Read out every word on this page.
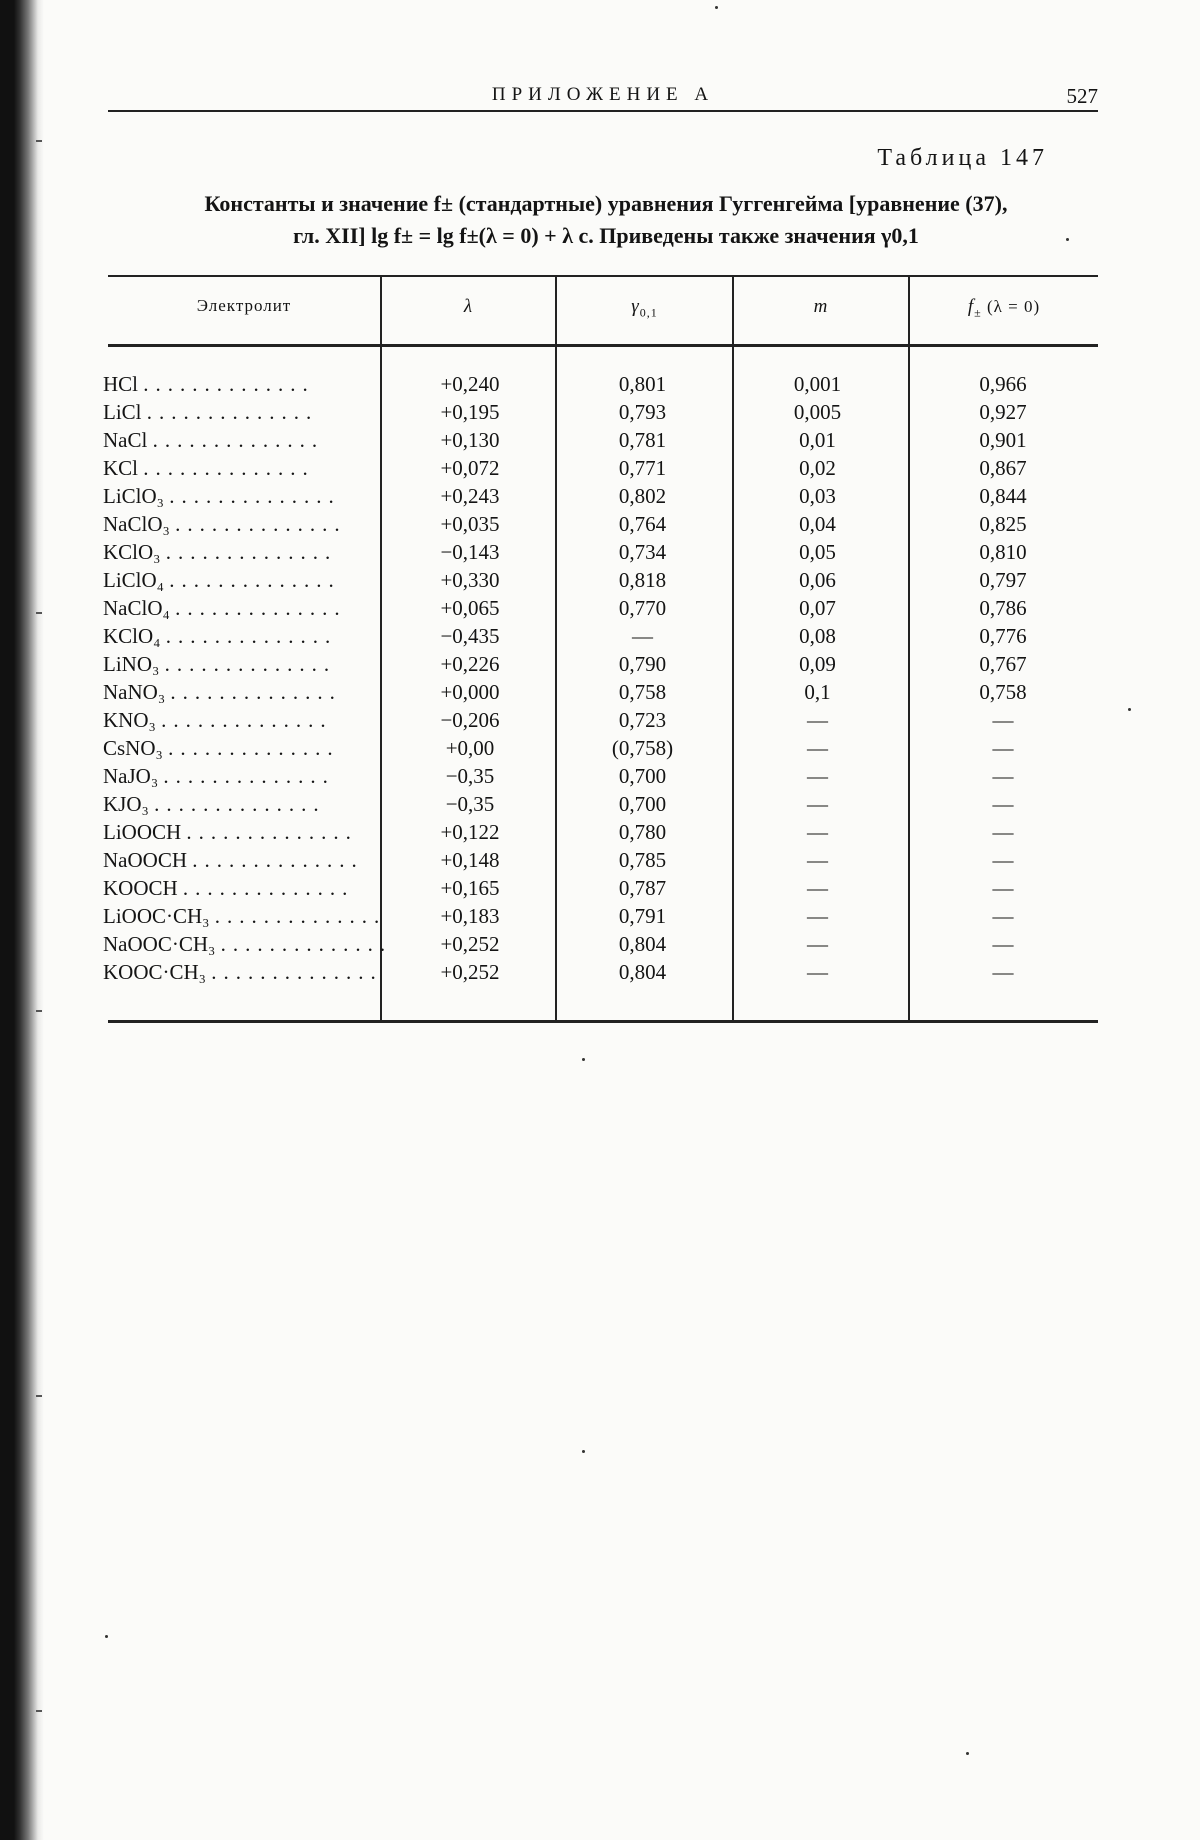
ПРИЛОЖЕНИЕ А	527
Таблица 147
Константы и значение f± (стандартные) уравнения Гуггенгейма [уравнение (37),
гл. XII] lg f± = lg f±(λ = 0) + λ c. Приведены также значения γ0,1
Электролит	λ	$\gamma_{0,1}$	m	$f_\pm$ (λ = 0)
HCl ..............	+0,240	0,801	0,001	0,966
LiCl ..............	+0,195	0,793	0,005	0,927
NaCl ..............	+0,130	0,781	0,01	0,901
KCl ..............	+0,072	0,771	0,02	0,867
LiClO₃ ..............	+0,243	0,802	0,03	0,844
NaClO₃ ..............	+0,035	0,764	0,04	0,825
KClO₃ ..............	−0,143	0,734	0,05	0,810
LiClO₄ ..............	+0,330	0,818	0,06	0,797
NaClO₄ ..............	+0,065	0,770	0,07	0,786
KClO₄ ..............	−0,435	—	0,08	0,776
LiNO₃ ..............	+0,226	0,790	0,09	0,767
NaNO₃ ..............	+0,000	0,758	0,1	0,758
KNO₃ ..............	−0,206	0,723	—	—
CsNO₃ ..............	+0,00	(0,758)	—	—
NaJO₃ ..............	−0,35	0,700	—	—
KJO₃ ..............	−0,35	0,700	—	—
LiOOCH ..............	+0,122	0,780	—	—
NaOOCH ..............	+0,148	0,785	—	—
KOOCH ..............	+0,165	0,787	—	—
LiOOC·CH₃ ..............	+0,183	0,791	—	—
NaOOC·CH₃ ..............	+0,252	0,804	—	—
KOOC·CH₃ ..............	+0,252	0,804	—	—
